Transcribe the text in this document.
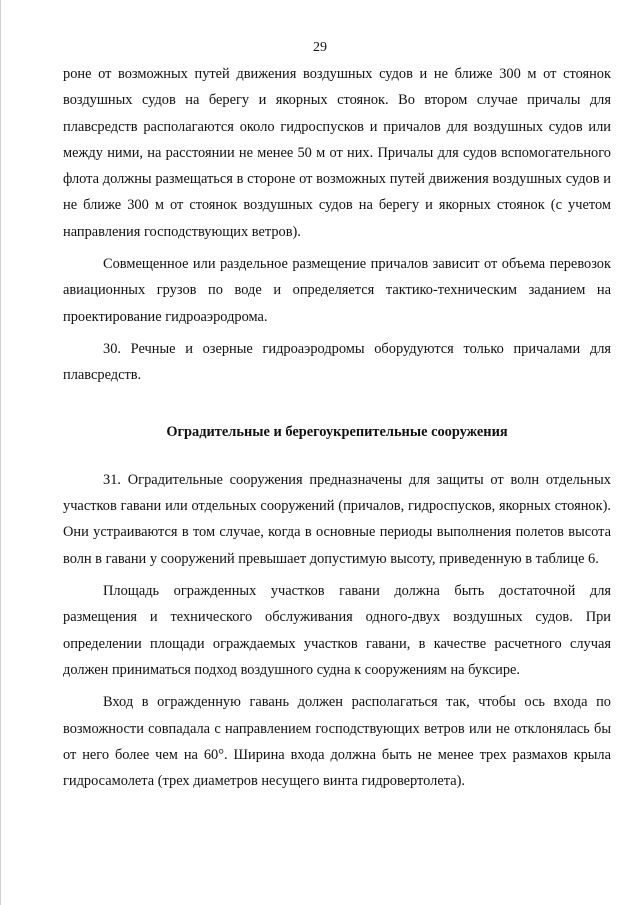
29

роне от возможных путей движения воздушных судов и не ближе 300 м от стоянок воздушных судов на берегу и якорных стоянок. Во втором случае причалы для плавсредств располагаются около гидроспусков и причалов для воздушных судов или между ними, на расстоянии не менее 50 м от них. Причалы для судов вспомогательного флота должны размещаться в стороне от возможных путей движения воздушных судов и не ближе 300 м от стоянок воздушных судов на берегу и якорных стоянок (с учетом направления господствующих ветров).

Совмещенное или раздельное размещение причалов зависит от объема перевозок авиационных грузов по воде и определяется тактико-техническим заданием на проектирование гидроаэродрома.

30. Речные и озерные гидроаэродромы оборудуются только причалами для плавсредств.

Оградительные и берегоукрепительные сооружения

31. Оградительные сооружения предназначены для защиты от волн отдельных участков гавани или отдельных сооружений (причалов, гидроспусков, якорных стоянок). Они устраиваются в том случае, когда в основные периоды выполнения полетов высота волн в гавани у сооружений превышает допустимую высоту, приведенную в таблице 6.

Площадь огражденных участков гавани должна быть достаточной для размещения и технического обслуживания одного-двух воздушных судов. При определении площади ограждаемых участков гавани, в качестве расчетного случая должен приниматься подход воздушного судна к сооружениям на буксире.

Вход в огражденную гавань должен располагаться так, чтобы ось входа по возможности совпадала с направлением господствующих ветров или не отклонялась бы от него более чем на 60°. Ширина входа должна быть не менее трех размахов крыла гидросамолета (трех диаметров несущего винта гидровертолета).
